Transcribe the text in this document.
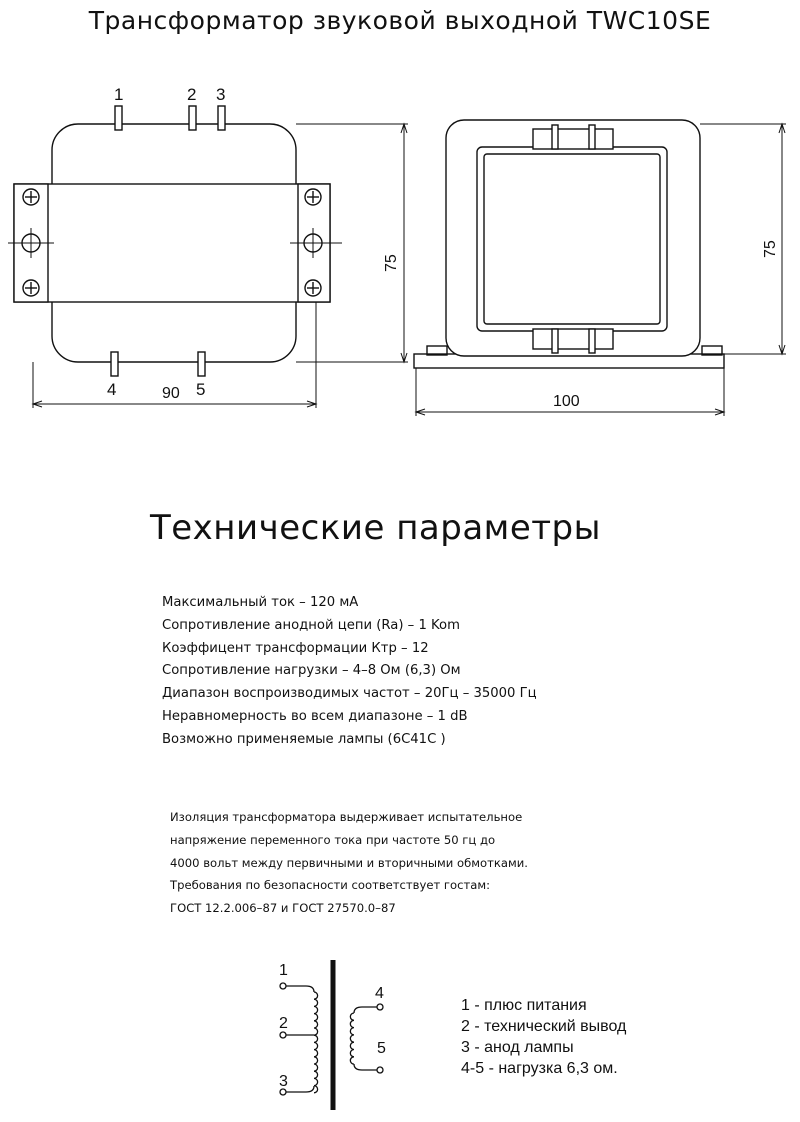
Трансформатор звуковой выходной TWC10SE
1	2 3
4	5
90
75
100
75
Технические параметры
Максимальный ток – 120 мА
Сопротивление анодной цепи (Ra) – 1 Kom
Коэффицент трансформации Ктр – 12
Сопротивление нагрузки – 4–8 Ом (6,3) Ом
Диапазон воспроизводимых частот – 20Гц – 35000 Гц
Неравномерность во всем диапазоне – 1 dB
Возможно применяемые лампы (6С41С )
Изоляция трансформатора выдерживает испытательное
напряжение переменного тока при частоте 50 гц до
4000 вольт между первичными и вторичными обмотками.
Требования по безопасности соответствует гостам:
ГОСТ 12.2.006–87 и ГОСТ 27570.0–87
1
2
3
4
5
1 - плюс питания
2 - технический вывод
3 - анод лампы
4-5 - нагрузка 6,3 ом.
